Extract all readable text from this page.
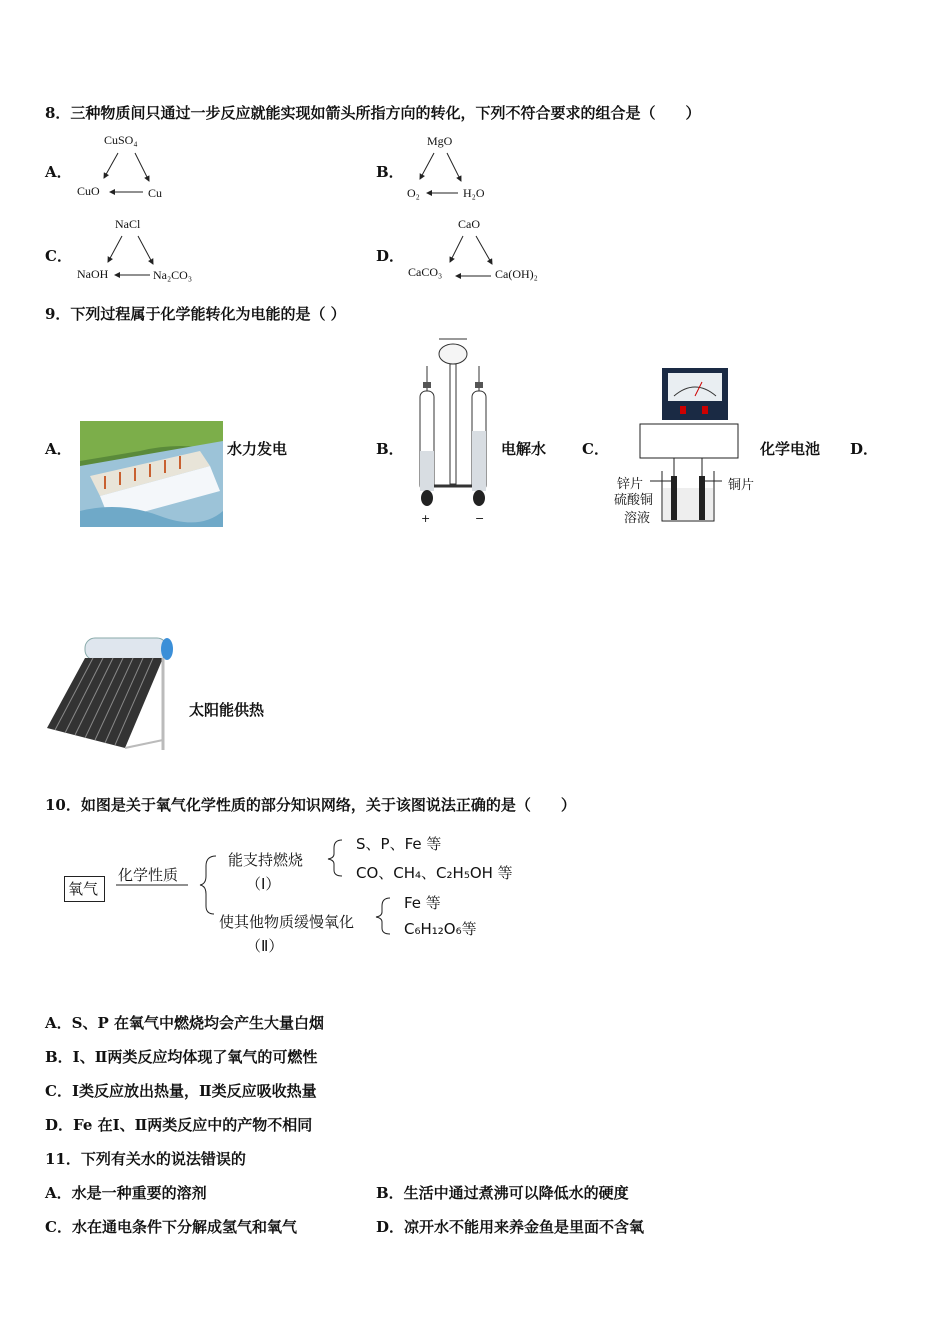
8．三种物质间只通过一步反应就能实现如箭头所指方向的转化，下列不符合要求的组合是（　　）
A．
CuSO₄
CuO	Cu
B．
MgO
O₂	H₂O
C．
NaCl
NaOH	Na₂CO₃
D．
CaO
CaCO₃	Ca(OH)₂
9．下列过程属于化学能转化为电能的是（ ）
A．	水力发电	B．
+	−
电解水 C．
锌片
硫酸铜
溶液
铜片
化学电池 D．
太阳能供热
10．如图是关于氧气化学性质的部分知识网络，关于该图说法正确的是（　　）
氧气
化学性质
能支持燃烧
（Ⅰ）
S、P、Fe 等
CO、CH₄、C₂H₅OH 等
使其他物质缓慢氧化
（Ⅱ）
Fe 等
C₆H₁₂O₆等
A．S、P 在氧气中燃烧均会产生大量白烟
B．Ⅰ、Ⅱ两类反应均体现了氧气的可燃性
C．Ⅰ类反应放出热量，Ⅱ类反应吸收热量
D．Fe 在Ⅰ、Ⅱ两类反应中的产物不相同
11．下列有关水的说法错误的
A．水是一种重要的溶剂	B．生活中通过煮沸可以降低水的硬度
C．水在通电条件下分解成氢气和氧气	D．凉开水不能用来养金鱼是里面不含氧
